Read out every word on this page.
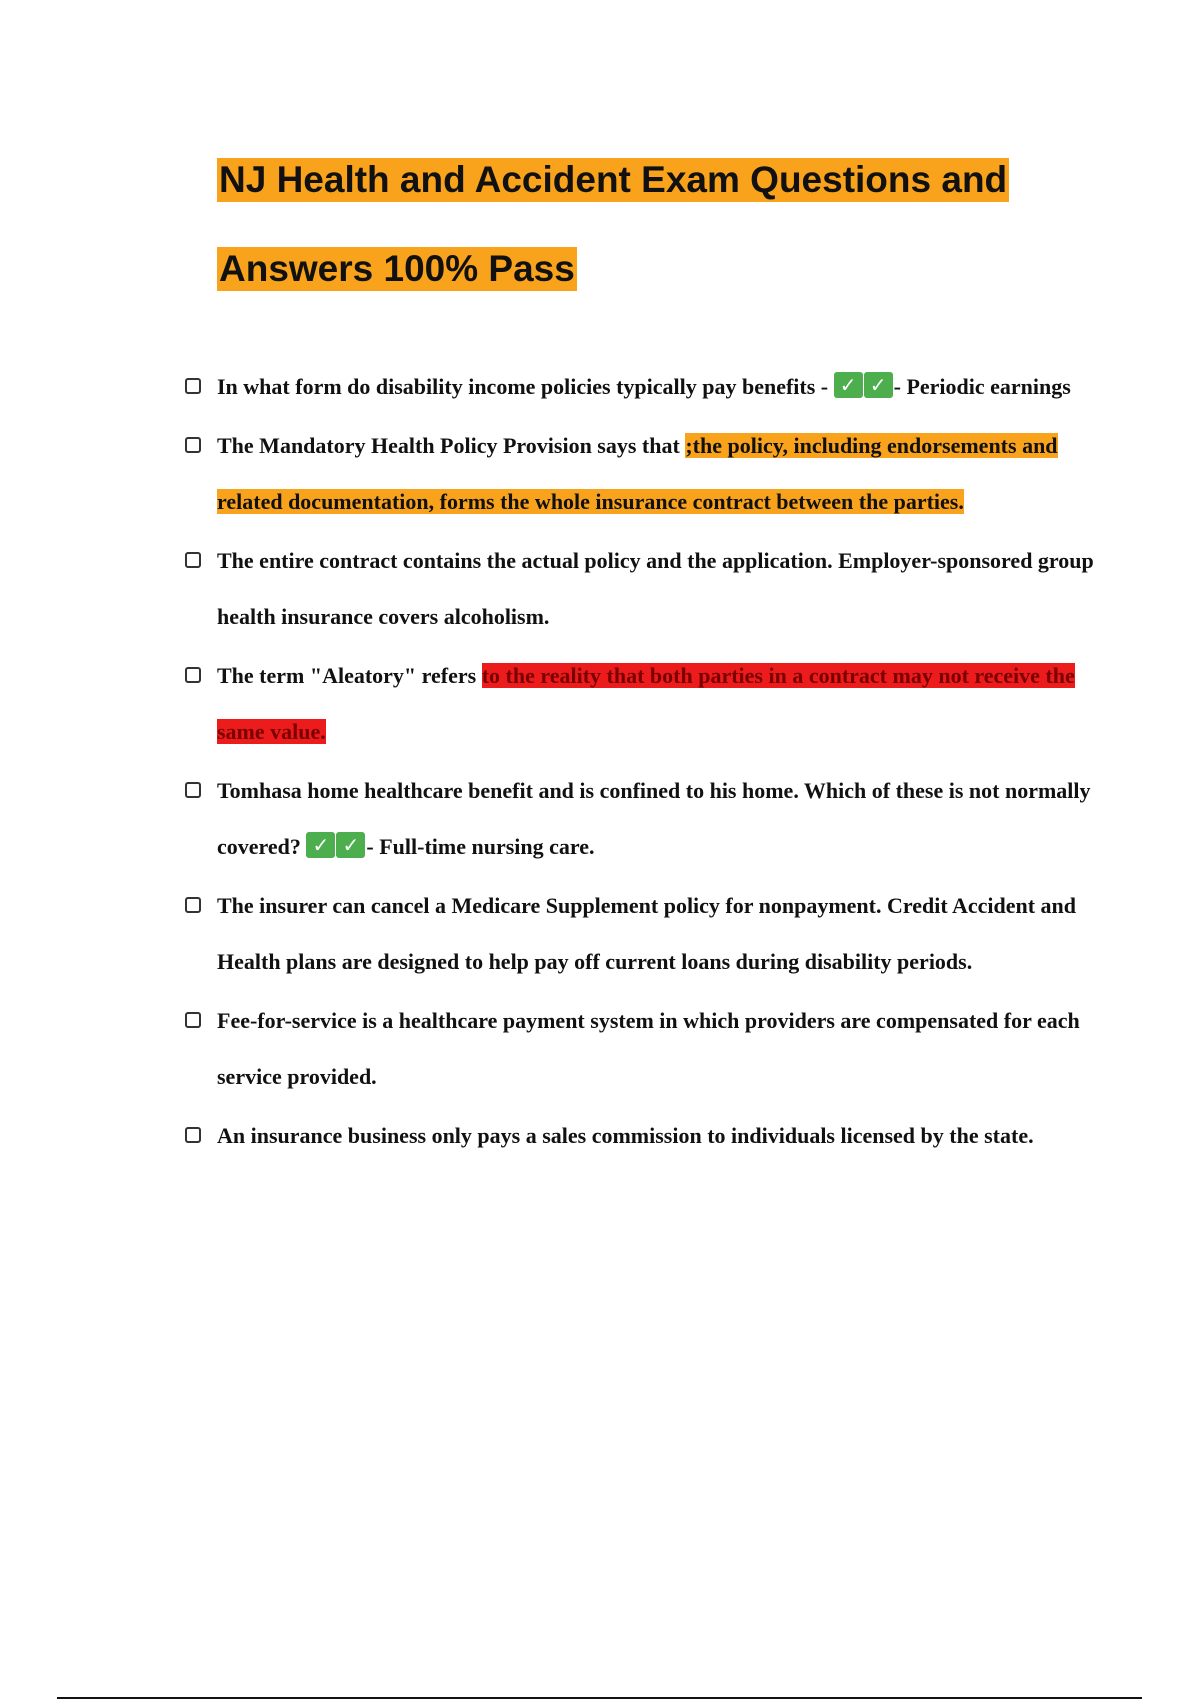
NJ Health and Accident Exam Questions and
Answers 100% Pass
In what form do disability income policies typically pay benefits - ✓ ✓ - Periodic earnings
The Mandatory Health Policy Provision says that ;the policy, including endorsements and related documentation, forms the whole insurance contract between the parties.
The entire contract contains the actual policy and the application. Employer-sponsored group health insurance covers alcoholism.
The term "Aleatory" refers to the reality that both parties in a contract may not receive the same value.
Tomhasa home healthcare benefit and is confined to his home. Which of these is not normally covered? ✓ ✓ - Full-time nursing care.
The insurer can cancel a Medicare Supplement policy for nonpayment. Credit Accident and Health plans are designed to help pay off current loans during disability periods.
Fee-for-service is a healthcare payment system in which providers are compensated for each service provided.
An insurance business only pays a sales commission to individuals licensed by the state.
